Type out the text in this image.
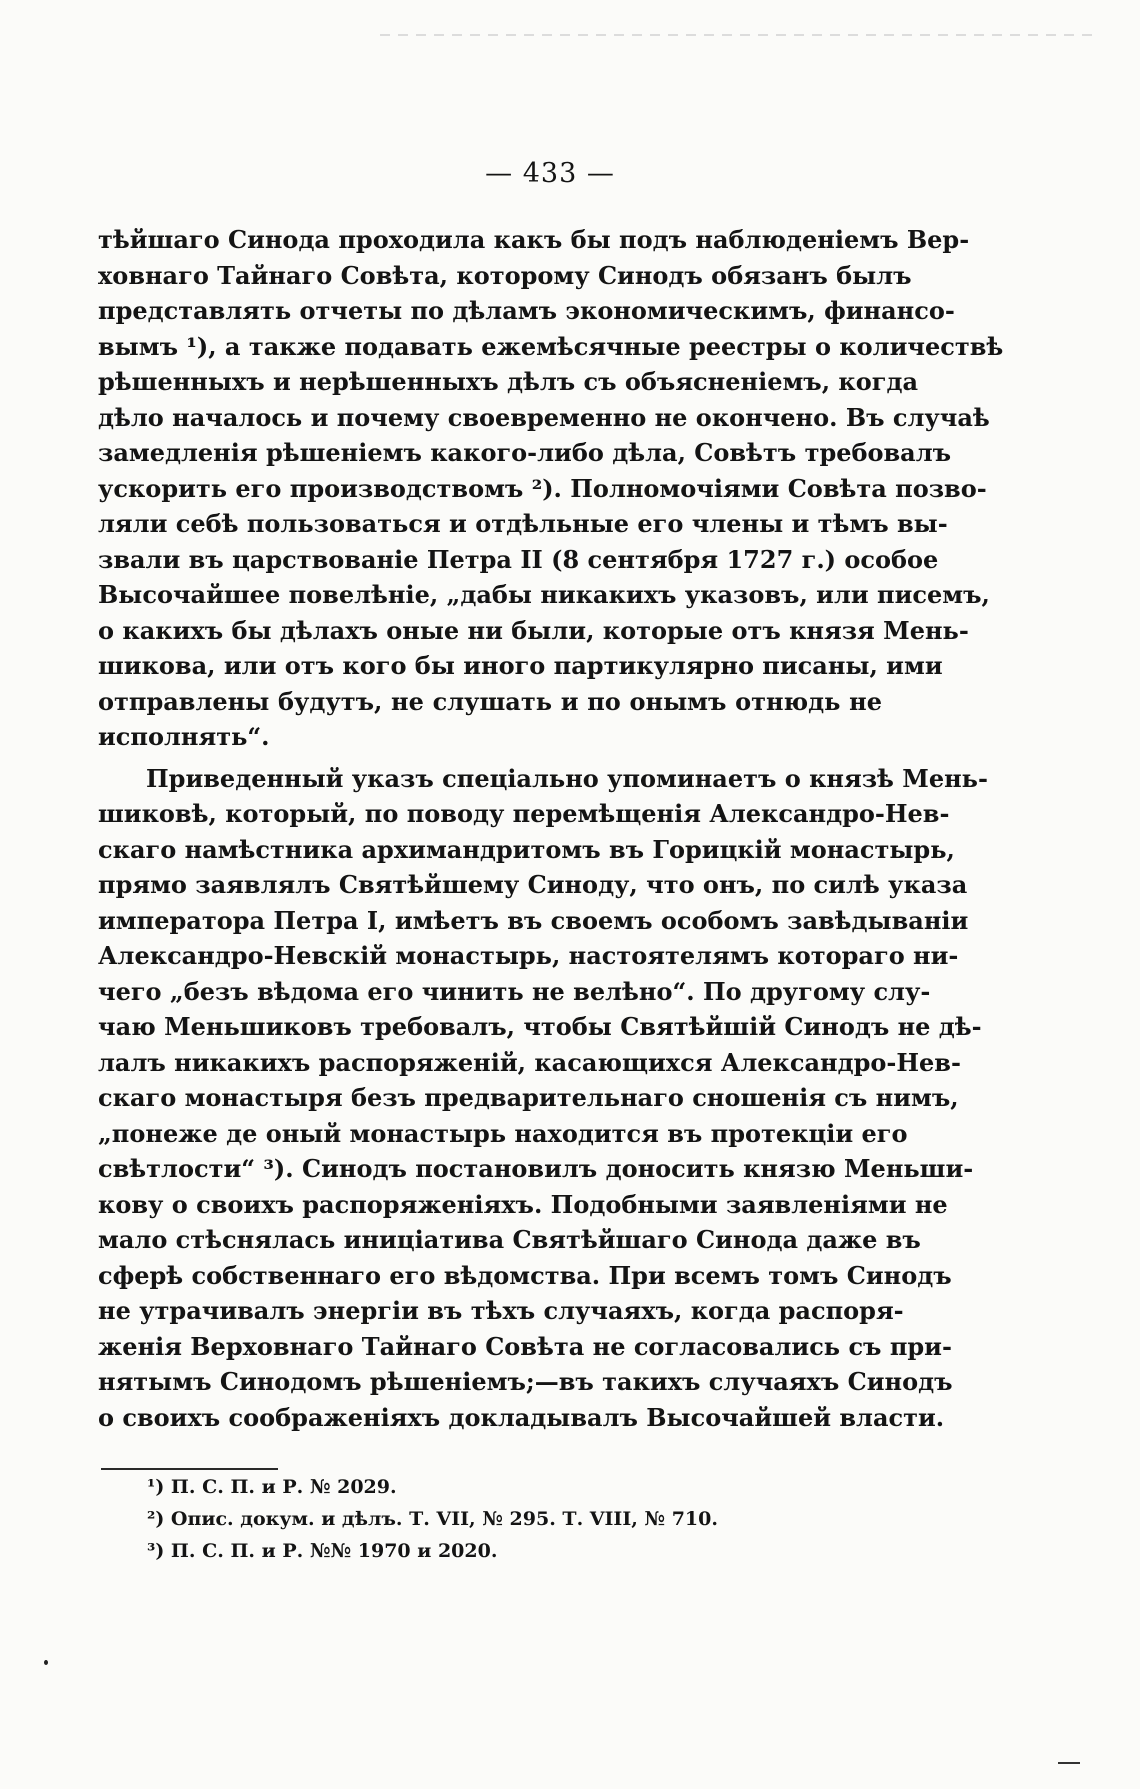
— 433 —
тѣйшаго Синода проходила какъ бы подъ наблюденіемъ Вер-
ховнаго Тайнаго Совѣта, которому Синодъ обязанъ былъ
представлять отчеты по дѣламъ экономическимъ, финансо-
вымъ ¹), а также подавать ежемѣсячные реестры о количествѣ
рѣшенныхъ и нерѣшенныхъ дѣлъ съ объясненіемъ, когда
дѣло началось и почему своевременно не окончено. Въ случаѣ
замедленія рѣшеніемъ какого-либо дѣла, Совѣтъ требовалъ
ускорить его производствомъ ²). Полномочіями Совѣта позво-
ляли себѣ пользоваться и отдѣльные его члены и тѣмъ вы-
звали въ царствованіе Петра II (8 сентября 1727 г.) особое
Высочайшее повелѣніе, „дабы никакихъ указовъ, или писемъ,
о какихъ бы дѣлахъ оные ни были, которые отъ князя Мень-
шикова, или отъ кого бы иного партикулярно писаны, ими
отправлены будутъ, не слушать и по онымъ отнюдь не
исполнять“.
Приведенный указъ спеціально упоминаетъ о князѣ Мень-
шиковѣ, который, по поводу перемѣщенія Александро-Нев-
скаго намѣстника архимандритомъ въ Горицкій монастырь,
прямо заявлялъ Святѣйшему Синоду, что онъ, по силѣ указа
императора Петра I, имѣетъ въ своемъ особомъ завѣдываніи
Александро-Невскій монастырь, настоятелямъ котораго ни-
чего „безъ вѣдома его чинить не велѣно“. По другому слу-
чаю Меньшиковъ требовалъ, чтобы Святѣйшій Синодъ не дѣ-
лалъ никакихъ распоряженій, касающихся Александро-Нев-
скаго монастыря безъ предварительнаго сношенія съ нимъ,
„понеже де оный монастырь находится въ протекціи его
свѣтлости“ ³). Синодъ постановилъ доносить князю Меньши-
кову о своихъ распоряженіяхъ. Подобными заявленіями не
мало стѣснялась иниціатива Святѣйшаго Синода даже въ
сферѣ собственнаго его вѣдомства. При всемъ томъ Синодъ
не утрачивалъ энергіи въ тѣхъ случаяхъ, когда распоря-
женія Верховнаго Тайнаго Совѣта не согласовались съ при-
нятымъ Синодомъ рѣшеніемъ;—въ такихъ случаяхъ Синодъ
о своихъ соображеніяхъ докладывалъ Высочайшей власти.
¹) П. С. П. и Р. № 2029.
²) Опис. докум. и дѣлъ. Т. VII, № 295. Т. VIII, № 710.
³) П. С. П. и Р. №№ 1970 и 2020.
